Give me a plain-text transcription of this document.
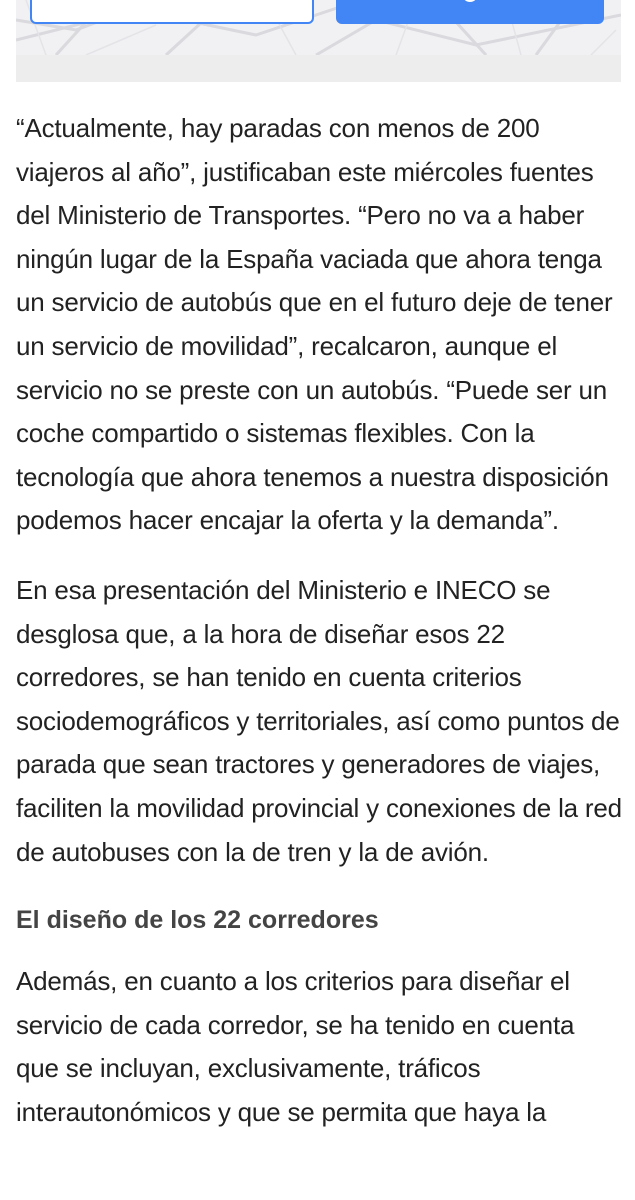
“Actualmente, hay paradas con menos de 200 viajeros al año”, justificaban este miércoles fuentes del Ministerio de Transportes. “Pero no va a haber ningún lugar de la España vaciada que ahora tenga un servicio de autobús que en el futuro deje de tener un servicio de movilidad”, recalcaron, aunque el servicio no se preste con un autobús. “Puede ser un coche compartido o sistemas flexibles. Con la tecnología que ahora tenemos a nuestra disposición podemos hacer encajar la oferta y la demanda”.

En esa presentación del Ministerio e INECO se desglosa que, a la hora de diseñar esos 22 corredores, se han tenido en cuenta criterios sociodemográficos y territoriales, así como puntos de parada que sean tractores y generadores de viajes, faciliten la movilidad provincial y conexiones de la red de autobuses con la de tren y la de avión.

El diseño de los 22 corredores

Además, en cuanto a los criterios para diseñar el servicio de cada corredor, se ha tenido en cuenta que se incluyan, exclusivamente, tráficos interautonómicos y que se permita que haya la
